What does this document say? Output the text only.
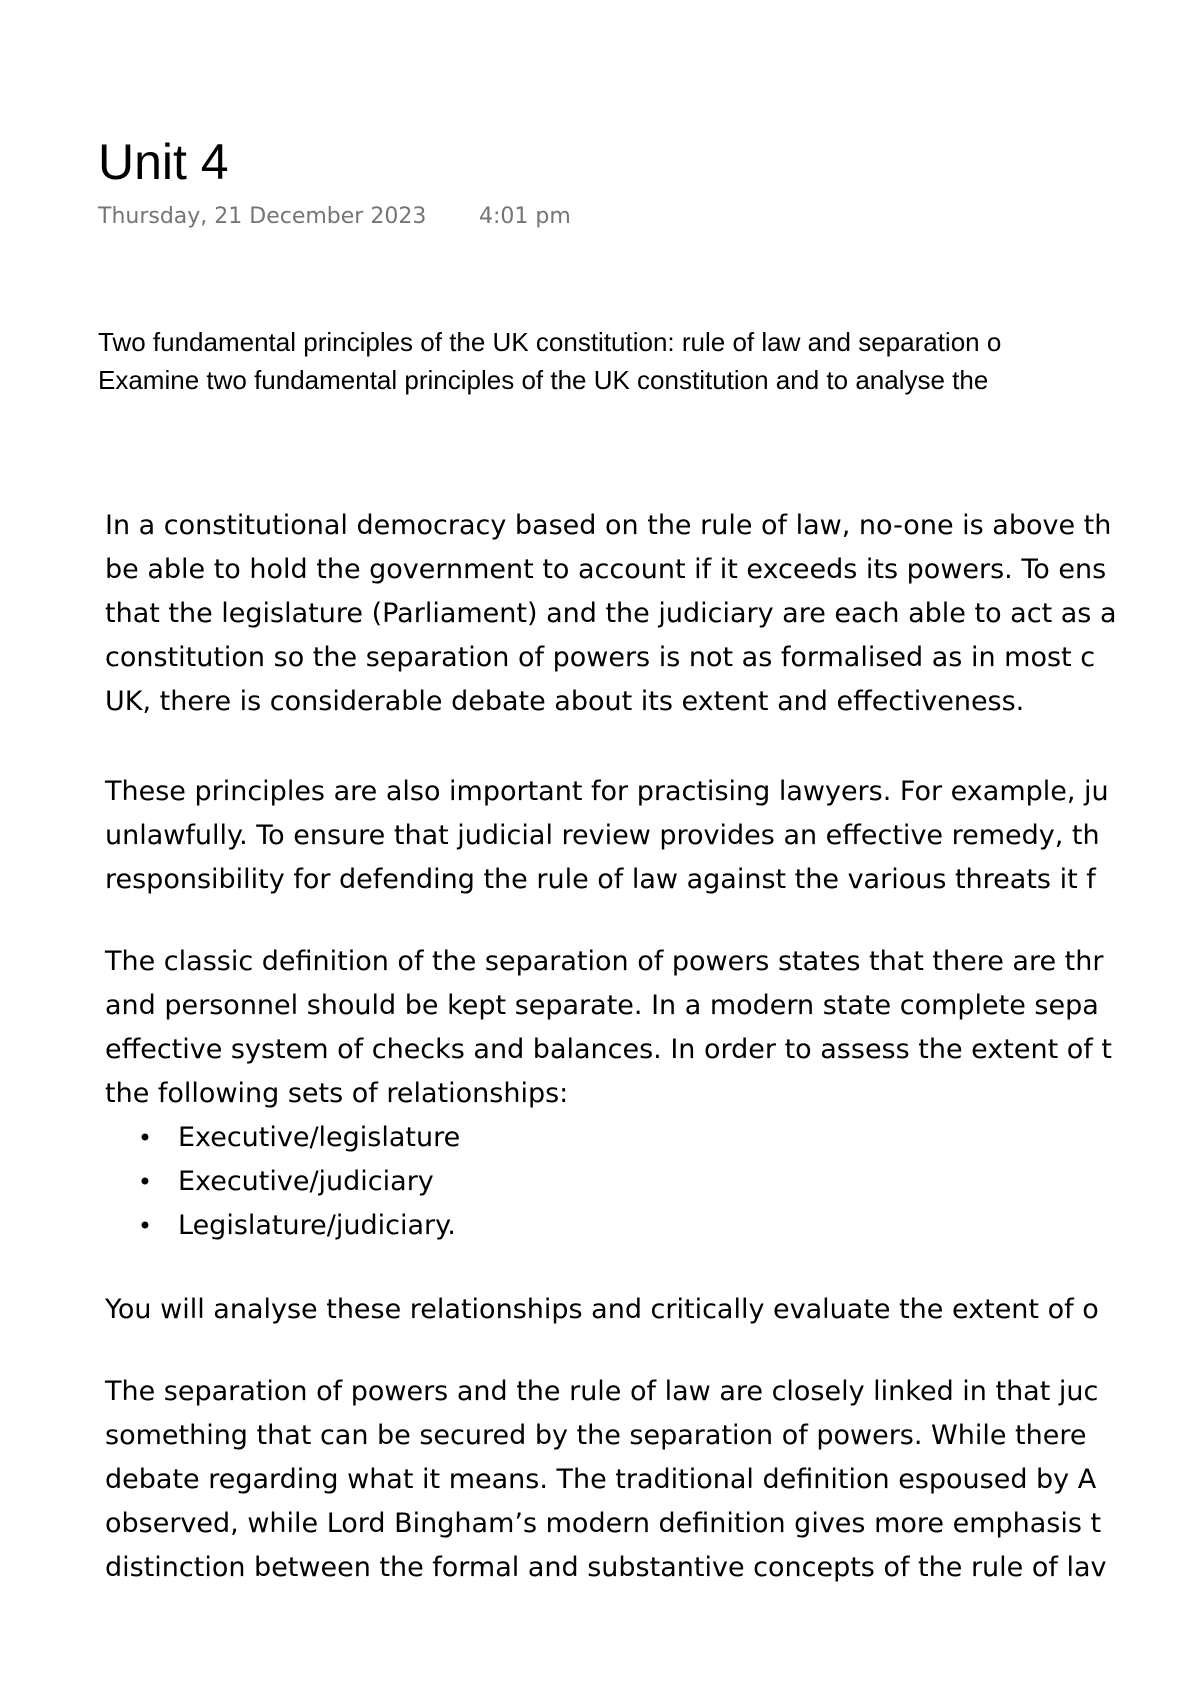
Unit 4
Thursday, 21 December 2023 4:01 pm
Two fundamental principles of the UK constitution: rule of law and separation o
Examine two fundamental principles of the UK constitution and to analyse the
In a constitutional democracy based on the rule of law, no-one is above th
be able to hold the government to account if it exceeds its powers. To ens
that the legislature (Parliament) and the judiciary are each able to act as a
constitution so the separation of powers is not as formalised as in most c
UK, there is considerable debate about its extent and effectiveness.
These principles are also important for practising lawyers. For example, ju
unlawfully. To ensure that judicial review provides an effective remedy, th
responsibility for defending the rule of law against the various threats it f
The classic definition of the separation of powers states that there are thr
and personnel should be kept separate. In a modern state complete sepa
effective system of checks and balances. In order to assess the extent of t
the following sets of relationships:
• Executive/legislature
• Executive/judiciary
• Legislature/judiciary.
You will analyse these relationships and critically evaluate the extent of o
The separation of powers and the rule of law are closely linked in that juc
something that can be secured by the separation of powers. While there
debate regarding what it means. The traditional definition espoused by A
observed, while Lord Bingham’s modern definition gives more emphasis t
distinction between the formal and substantive concepts of the rule of lav
